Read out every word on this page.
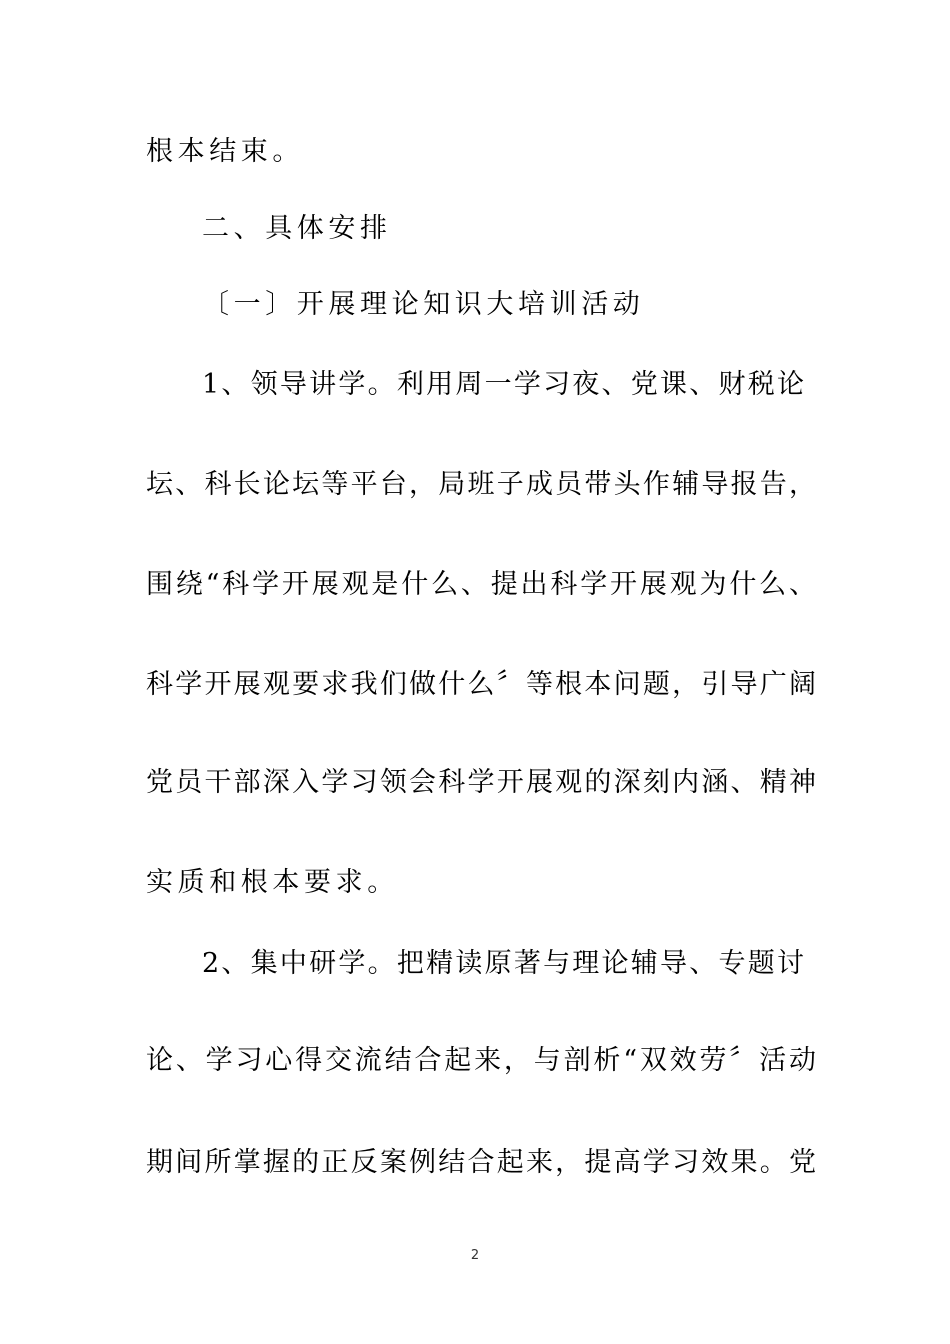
根本结束。
二、具体安排
〔一〕开展理论知识大培训活动
1、领导讲学。利用周一学习夜、党课、财税论
坛、科长论坛等平台，局班子成员带头作辅导报告，
围绕“科学开展观是什么、提出科学开展观为什么、
科学开展观要求我们做什么〞等根本问题，引导广阔
党员干部深入学习领会科学开展观的深刻内涵、精神
实质和根本要求。
2、集中研学。把精读原著与理论辅导、专题讨
论、学习心得交流结合起来，与剖析“双效劳〞活动
期间所掌握的正反案例结合起来，提高学习效果。党
2
